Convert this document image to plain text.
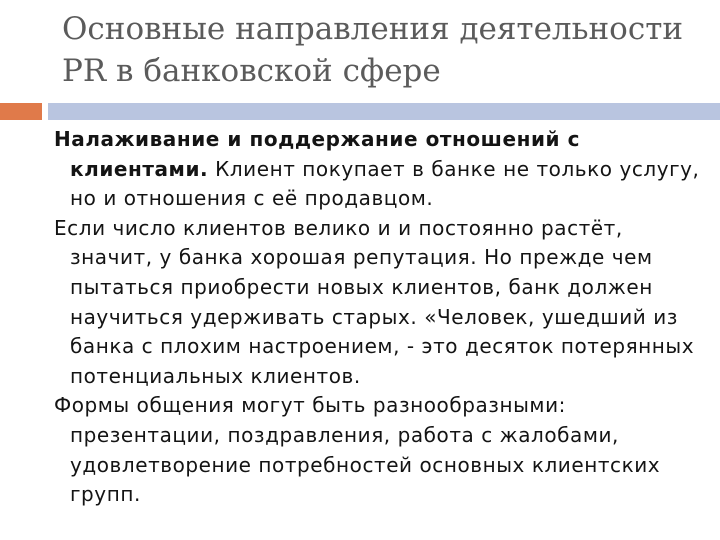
Основные направления деятельности
PR в банковской сфере

Налаживание и поддержание отношений с клиентами. Клиент покупает в банке не только услугу, но и отношения с её продавцом.

Если число клиентов велико и и постоянно растёт, значит, у банка хорошая репутация. Но прежде чем пытаться приобрести новых клиентов, банк должен научиться удерживать старых. «Человек, ушедший из банка с плохим настроением, - это десяток потерянных потенциальных клиентов.

Формы общения могут быть разнообразными: презентации, поздравления, работа с жалобами, удовлетворение потребностей основных клиентских групп.
